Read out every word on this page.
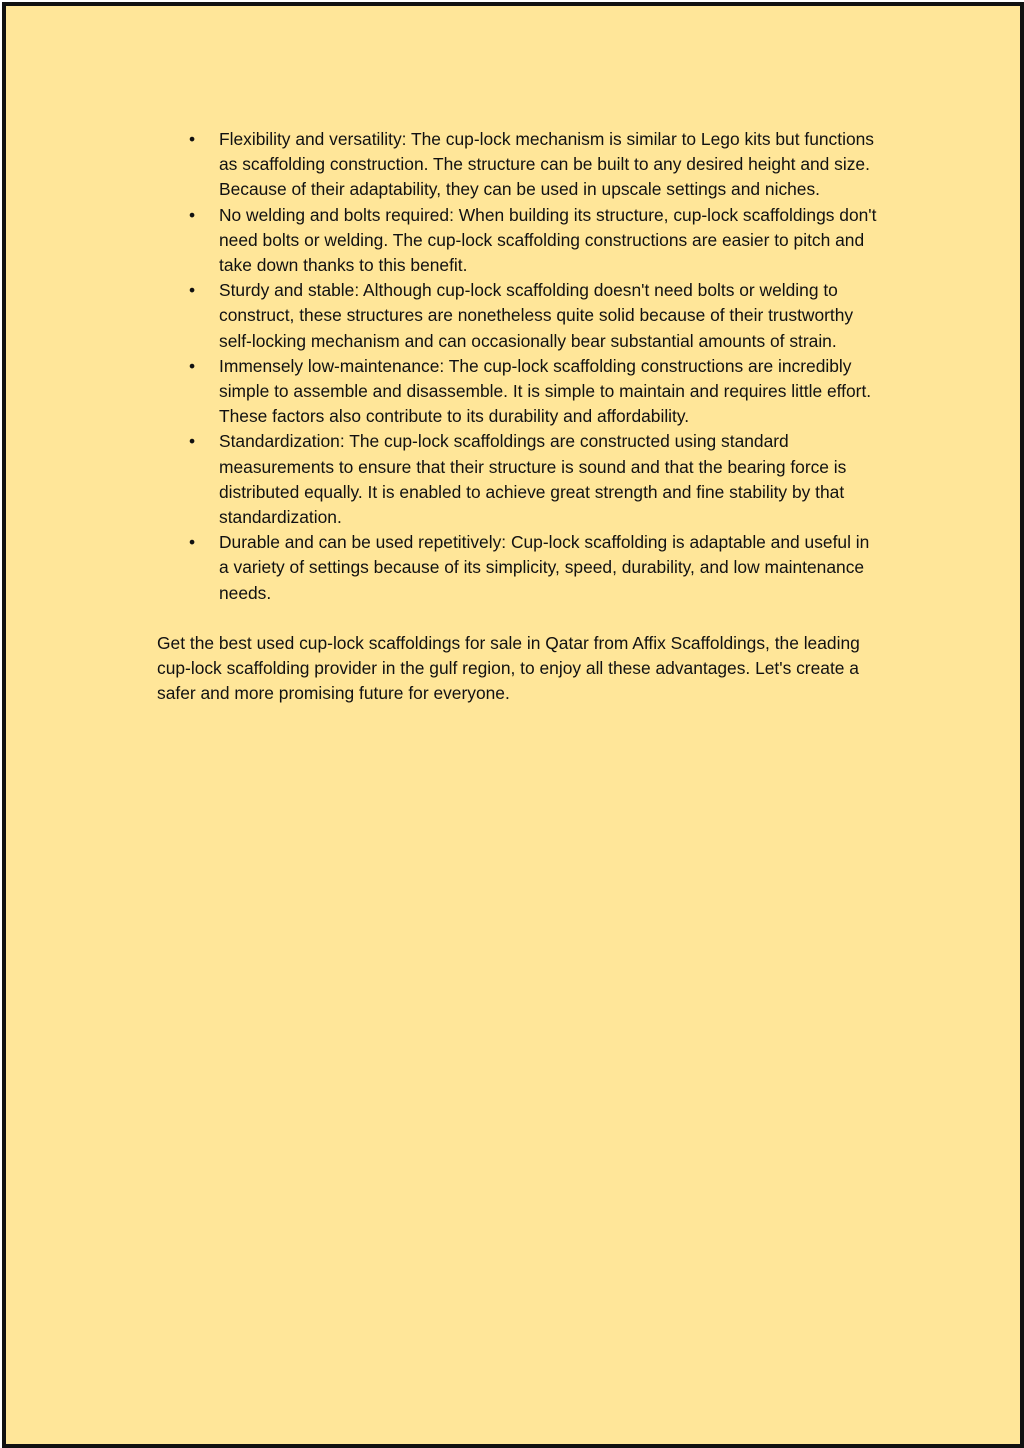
• Flexibility and versatility: The cup-lock mechanism is similar to Lego kits but functions as scaffolding construction. The structure can be built to any desired height and size. Because of their adaptability, they can be used in upscale settings and niches.
• No welding and bolts required: When building its structure, cup-lock scaffoldings don't need bolts or welding. The cup-lock scaffolding constructions are easier to pitch and take down thanks to this benefit.
• Sturdy and stable: Although cup-lock scaffolding doesn't need bolts or welding to construct, these structures are nonetheless quite solid because of their trustworthy self-locking mechanism and can occasionally bear substantial amounts of strain.
• Immensely low-maintenance: The cup-lock scaffolding constructions are incredibly simple to assemble and disassemble. It is simple to maintain and requires little effort. These factors also contribute to its durability and affordability.
• Standardization: The cup-lock scaffoldings are constructed using standard measurements to ensure that their structure is sound and that the bearing force is distributed equally. It is enabled to achieve great strength and fine stability by that standardization.
• Durable and can be used repetitively: Cup-lock scaffolding is adaptable and useful in a variety of settings because of its simplicity, speed, durability, and low maintenance needs.

Get the best used cup-lock scaffoldings for sale in Qatar from Affix Scaffoldings, the leading cup-lock scaffolding provider in the gulf region, to enjoy all these advantages. Let's create a safer and more promising future for everyone.
